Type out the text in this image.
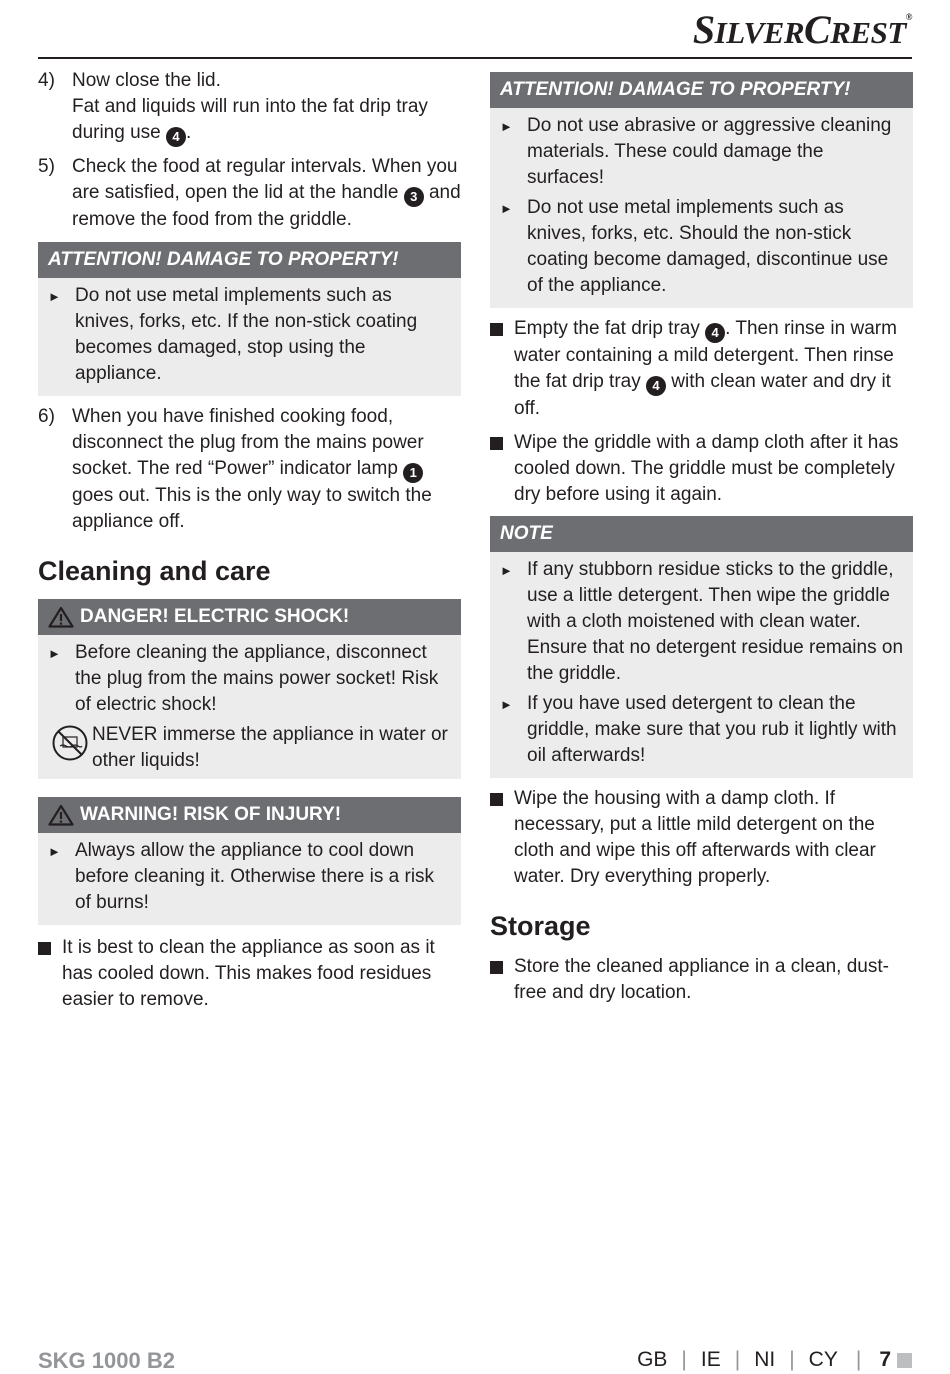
SILVERCREST®
4) Now close the lid.
Fat and liquids will run into the fat drip tray during use 4 .
5) Check the food at regular intervals. When you are satisfied, open the lid at the handle 3 and remove the food from the griddle.
ATTENTION! DAMAGE TO PROPERTY!
► Do not use metal implements such as knives, forks, etc. If the non-stick coating becomes damaged, stop using the appliance.
6) When you have finished cooking food, disconnect the plug from the mains power socket. The red “Power” indicator lamp 1 goes out. This is the only way to switch the appliance off.
Cleaning and care
DANGER! ELECTRIC SHOCK!
► Before cleaning the appliance, disconnect the plug from the mains power socket! Risk of electric shock!
NEVER immerse the appliance in water or other liquids!
WARNING! RISK OF INJURY!
► Always allow the appliance to cool down before cleaning it. Otherwise there is a risk of burns!
It is best to clean the appliance as soon as it has cooled down. This makes food residues easier to remove.
ATTENTION! DAMAGE TO PROPERTY!
► Do not use abrasive or aggressive cleaning materials. These could damage the surfaces!
► Do not use metal implements such as knives, forks, etc. Should the non-stick coating become damaged, discontinue use of the appliance.
Empty the fat drip tray 4 . Then rinse in warm water containing a mild detergent. Then rinse the fat drip tray 4 with clean water and dry it off.
Wipe the griddle with a damp cloth after it has cooled down. The griddle must be completely dry before using it again.
NOTE
► If any stubborn residue sticks to the griddle, use a little detergent. Then wipe the griddle with a cloth moistened with clean water. Ensure that no detergent residue remains on the griddle.
► If you have used detergent to clean the griddle, make sure that you rub it lightly with oil afterwards!
Wipe the housing with a damp cloth. If necessary, put a little mild detergent on the cloth and wipe this off afterwards with clear water. Dry everything properly.
Storage
Store the cleaned appliance in a clean, dust-free and dry location.
SKG 1000 B2	GB | IE | NI | CY | 7
